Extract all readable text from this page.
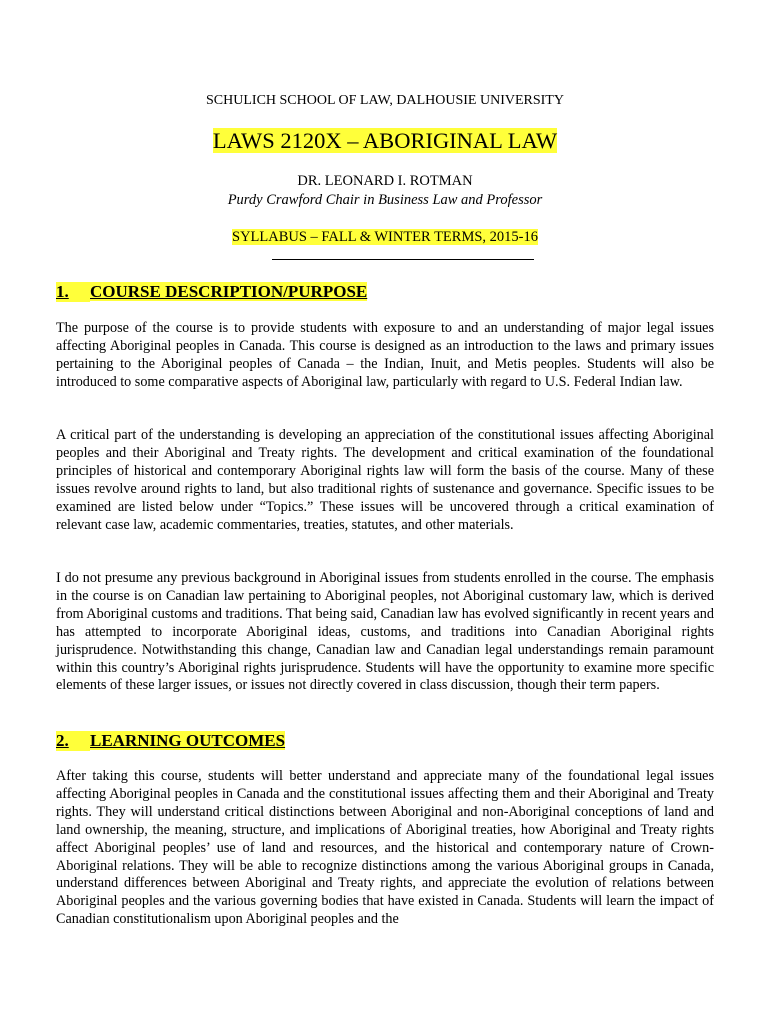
SCHULICH SCHOOL OF LAW, DALHOUSIE UNIVERSITY
LAWS 2120X – ABORIGINAL LAW
DR. LEONARD I. ROTMAN
Purdy Crawford Chair in Business Law and Professor
SYLLABUS – FALL & WINTER TERMS, 2015-16
1. COURSE DESCRIPTION/PURPOSE

The purpose of the course is to provide students with exposure to and an understanding of major legal issues affecting Aboriginal peoples in Canada. This course is designed as an introduction to the laws and primary issues pertaining to the Aboriginal peoples of Canada – the Indian, Inuit, and Metis peoples. Students will also be introduced to some comparative aspects of Aboriginal law, particularly with regard to U.S. Federal Indian law.

A critical part of the understanding is developing an appreciation of the constitutional issues affecting Aboriginal peoples and their Aboriginal and Treaty rights. The development and critical examination of the foundational principles of historical and contemporary Aboriginal rights law will form the basis of the course. Many of these issues revolve around rights to land, but also traditional rights of sustenance and governance. Specific issues to be examined are listed below under “Topics.” These issues will be uncovered through a critical examination of relevant case law, academic commentaries, treaties, statutes, and other materials.

I do not presume any previous background in Aboriginal issues from students enrolled in the course. The emphasis in the course is on Canadian law pertaining to Aboriginal peoples, not Aboriginal customary law, which is derived from Aboriginal customs and traditions. That being said, Canadian law has evolved significantly in recent years and has attempted to incorporate Aboriginal ideas, customs, and traditions into Canadian Aboriginal rights jurisprudence. Notwithstanding this change, Canadian law and Canadian legal understandings remain paramount within this country’s Aboriginal rights jurisprudence. Students will have the opportunity to examine more specific elements of these larger issues, or issues not directly covered in class discussion, though their term papers.

2. LEARNING OUTCOMES

After taking this course, students will better understand and appreciate many of the foundational legal issues affecting Aboriginal peoples in Canada and the constitutional issues affecting them and their Aboriginal and Treaty rights. They will understand critical distinctions between Aboriginal and non-Aboriginal conceptions of land and land ownership, the meaning, structure, and implications of Aboriginal treaties, how Aboriginal and Treaty rights affect Aboriginal peoples’ use of land and resources, and the historical and contemporary nature of Crown-Aboriginal relations. They will be able to recognize distinctions among the various Aboriginal groups in Canada, understand differences between Aboriginal and Treaty rights, and appreciate the evolution of relations between Aboriginal peoples and the various governing bodies that have existed in Canada. Students will learn the impact of Canadian constitutionalism upon Aboriginal peoples and the
